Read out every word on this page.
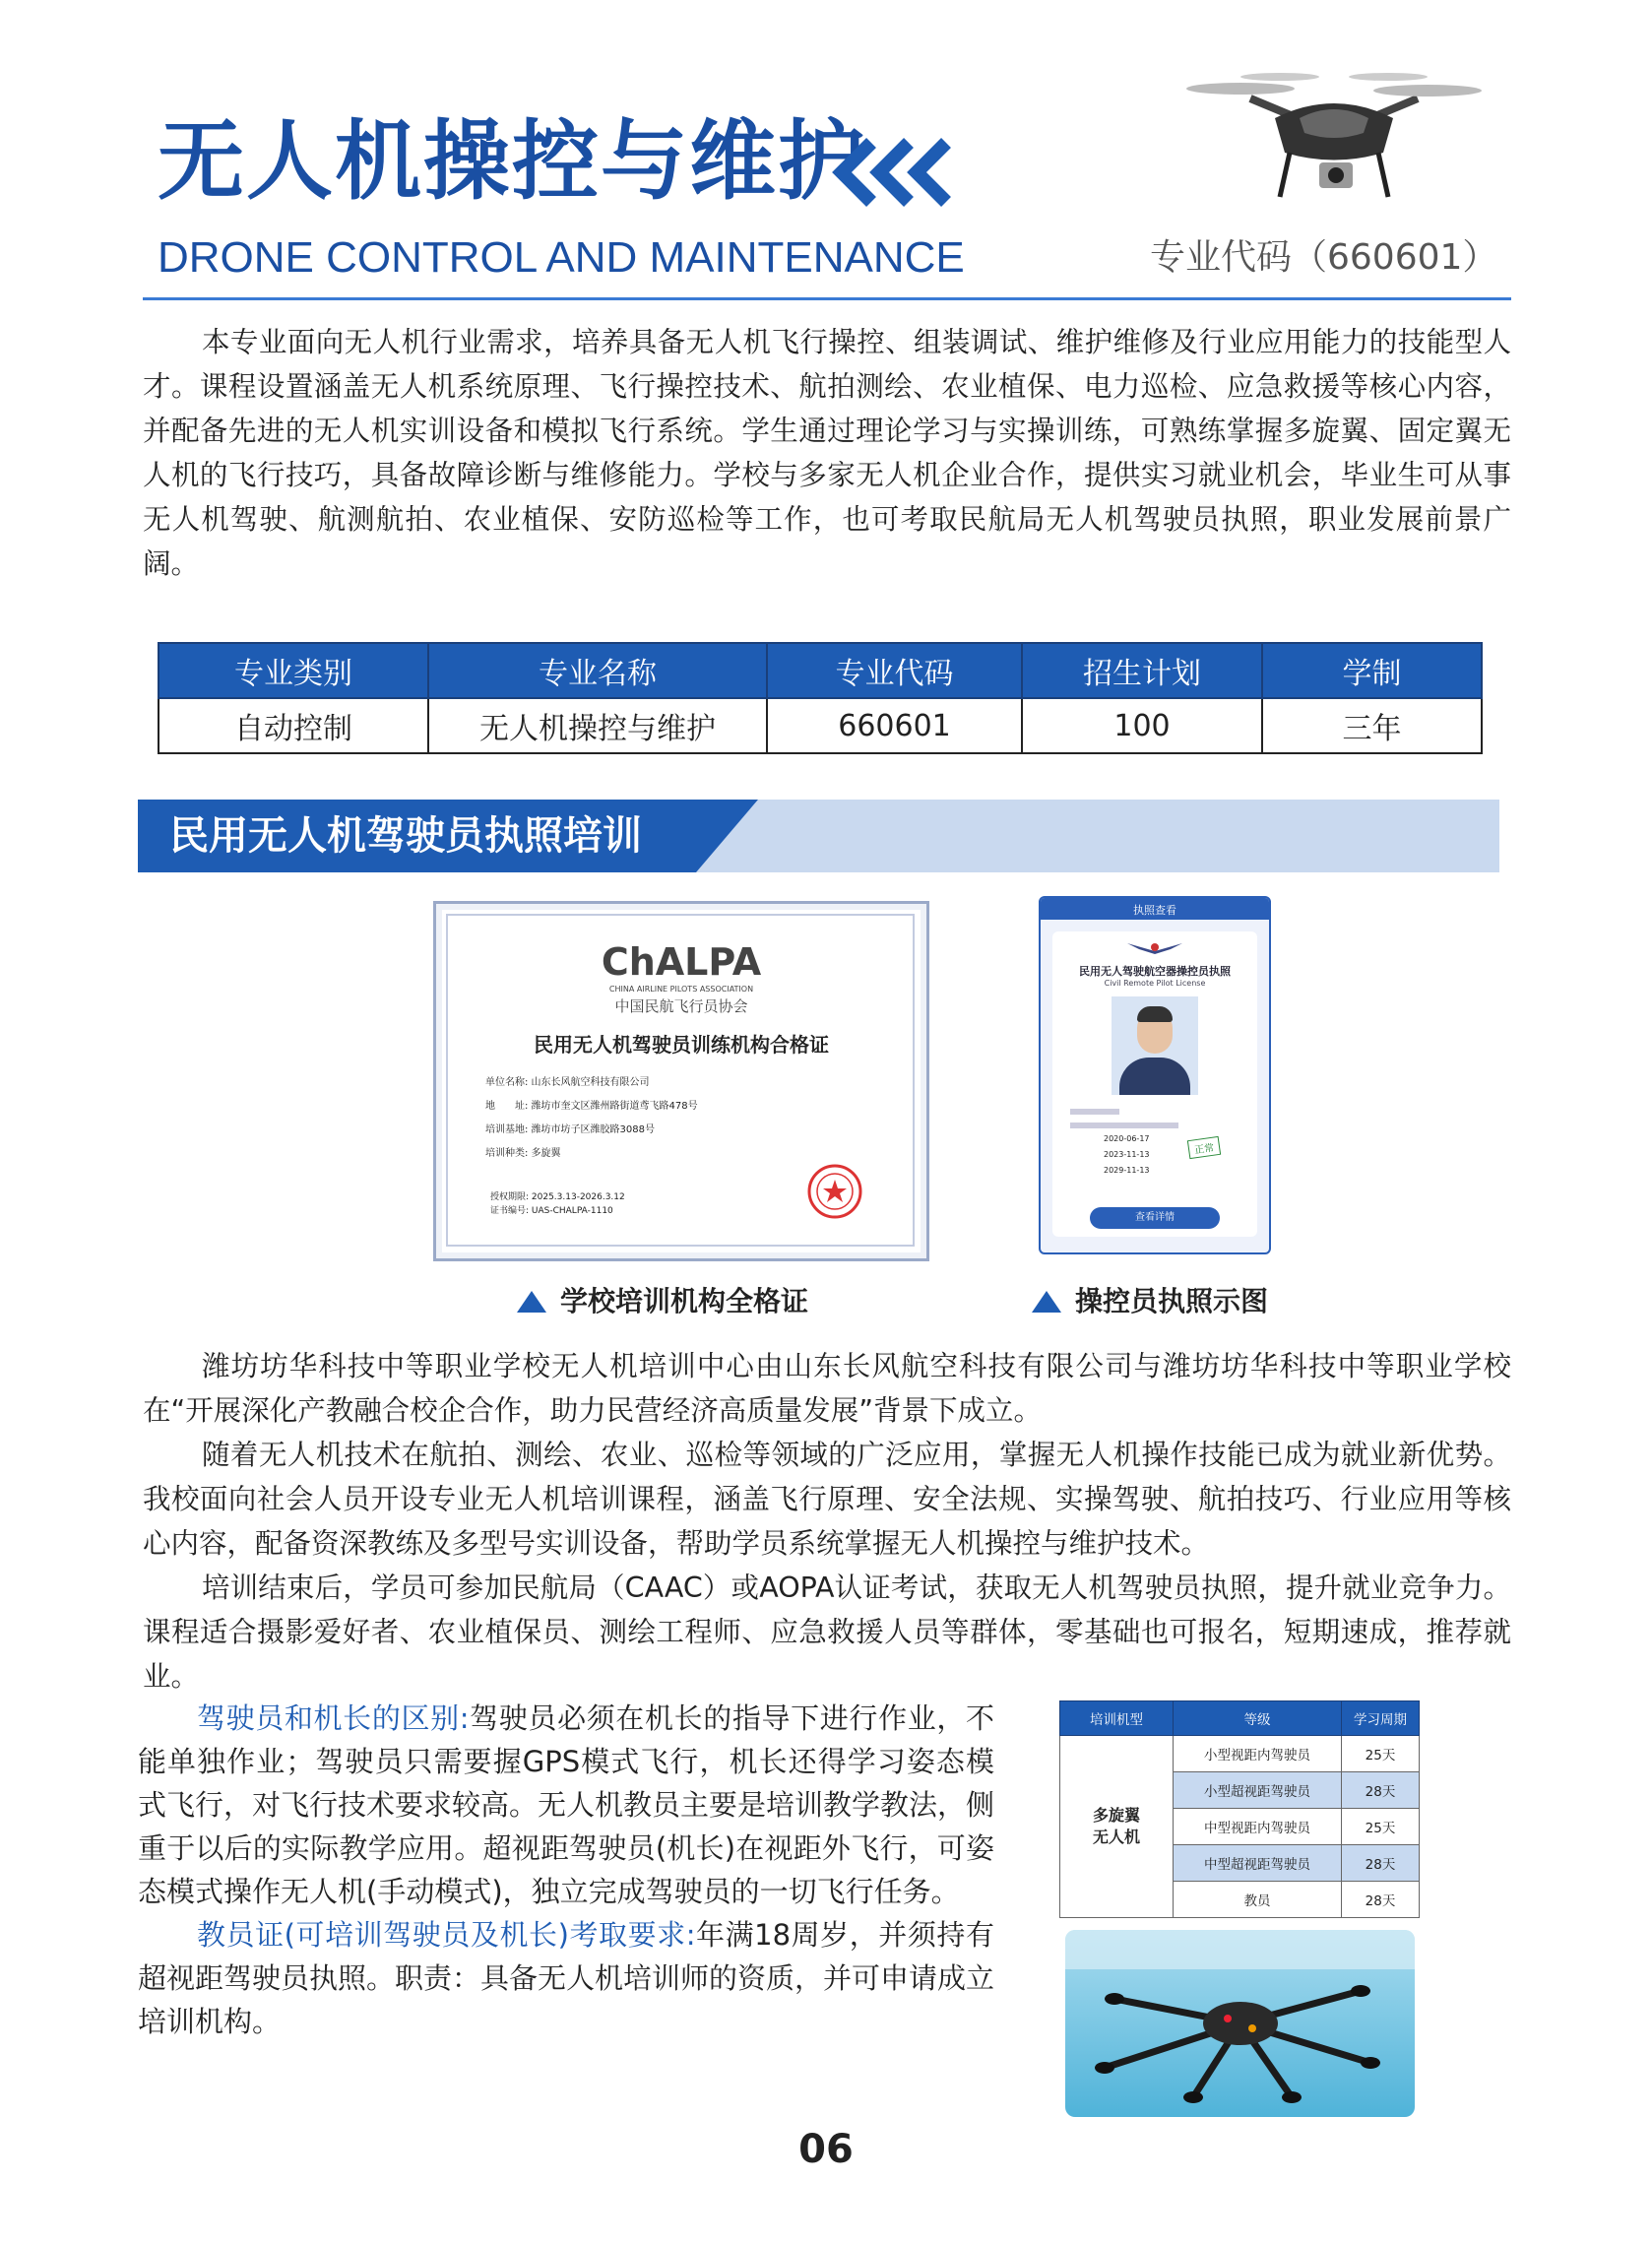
无人机操控与维护
DRONE CONTROL AND MAINTENANCE	专业代码（660601）
本专业面向无人机行业需求，培养具备无人机飞行操控、组装调试、维护维修及行业应用能力的技能型人才。课程设置涵盖无人机系统原理、飞行操控技术、航拍测绘、农业植保、电力巡检、应急救援等核心内容，并配备先进的无人机实训设备和模拟飞行系统。学生通过理论学习与实操训练，可熟练掌握多旋翼、固定翼无人机的飞行技巧，具备故障诊断与维修能力。学校与多家无人机企业合作，提供实习就业机会，毕业生可从事无人机驾驶、航测航拍、农业植保、安防巡检等工作，也可考取民航局无人机驾驶员执照，职业发展前景广阔。
专业类别	专业名称	专业代码	招生计划	学制
自动控制	无人机操控与维护	660601	100	三年
民用无人机驾驶员执照培训
ChALPA
CHINA AIRLINE PILOTS ASSOCIATION
中国民航飞行员协会
民用无人机驾驶员训练机构合格证
单位名称: 山东长风航空科技有限公司
地　　址: 潍坊市奎文区潍州路街道鸢飞路478号
培训基地: 潍坊市坊子区潍胶路3088号
培训种类: 多旋翼
授权期限: 2025.3.13-2026.3.12
证书编号: UAS-CHALPA-1110
执照查看
民用无人驾驶航空器操控员执照
Civil Remote Pilot License
2020-06-17
2023-11-13
2029-11-13
正常
查看详情
学校培训机构全格证	操控员执照示图
潍坊坊华科技中等职业学校无人机培训中心由山东长风航空科技有限公司与潍坊坊华科技中等职业学校在“开展深化产教融合校企合作，助力民营经济高质量发展”背景下成立。
随着无人机技术在航拍、测绘、农业、巡检等领域的广泛应用，掌握无人机操作技能已成为就业新优势。我校面向社会人员开设专业无人机培训课程，涵盖飞行原理、安全法规、实操驾驶、航拍技巧、行业应用等核心内容，配备资深教练及多型号实训设备，帮助学员系统掌握无人机操控与维护技术。
培训结束后，学员可参加民航局（CAAC）或AOPA认证考试，获取无人机驾驶员执照，提升就业竞争力。课程适合摄影爱好者、农业植保员、测绘工程师、应急救援人员等群体，零基础也可报名，短期速成，推荐就业。
驾驶员和机长的区别:驾驶员必须在机长的指导下进行作业，不能单独作业；驾驶员只需要握GPS模式飞行，机长还得学习姿态模式飞行，对飞行技术要求较高。无人机教员主要是培训教学教法，侧重于以后的实际教学应用。超视距驾驶员(机长)在视距外飞行，可姿态模式操作无人机(手动模式)，独立完成驾驶员的一切飞行任务。
教员证(可培训驾驶员及机长)考取要求:年满18周岁，并须持有超视距驾驶员执照。职责：具备无人机培训师的资质，并可申请成立培训机构。
培训机型	等级	学习周期

多旋翼无人机	小型视距内驾驶员	25天
	小型超视距驾驶员	28天
	中型视距内驾驶员	25天
	中型超视距驾驶员	28天
	教员	28天
06
